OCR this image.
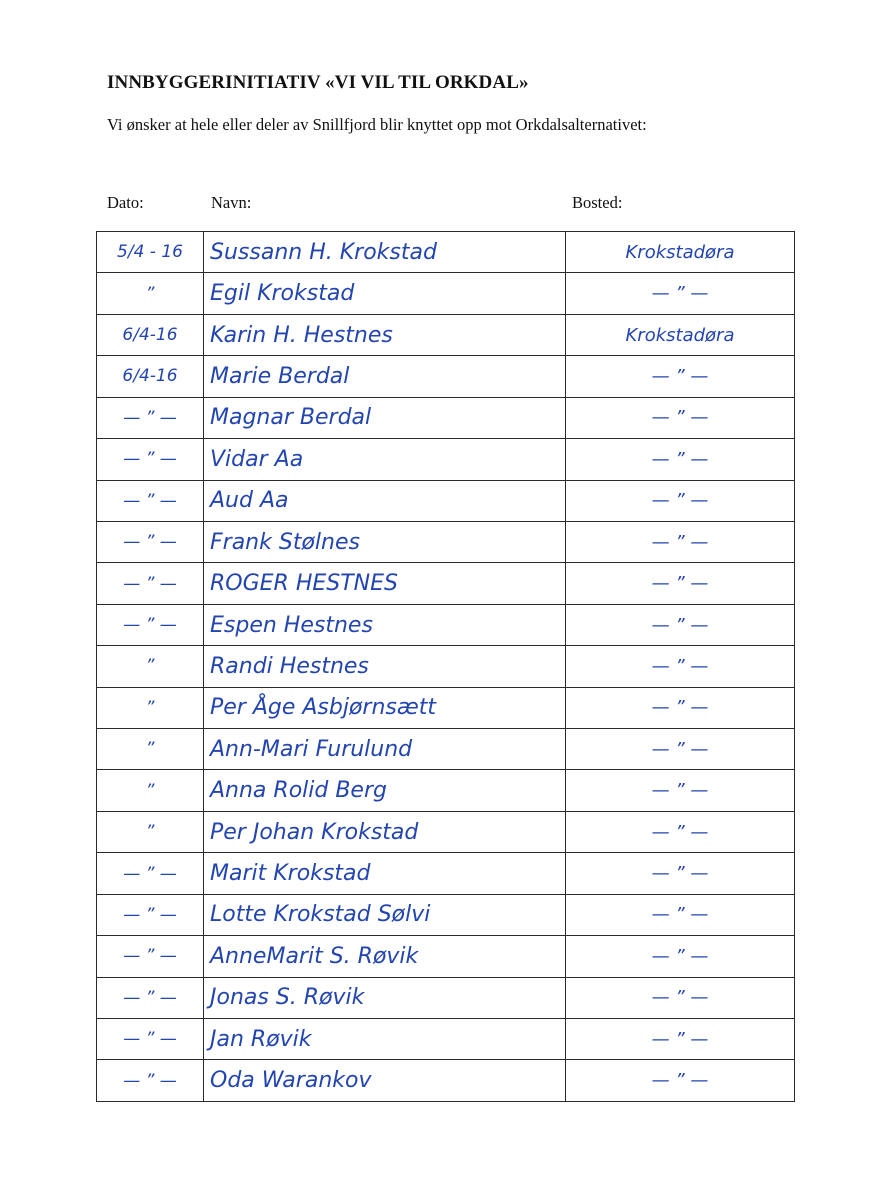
INNBYGGERINITIATIV «VI VIL TIL ORKDAL»
Vi ønsker at hele eller deler av Snillfjord blir knyttet opp mot Orkdalsalternativet:
Dato:	Navn:	Bosted:
5/4 - 16	Sussann H. Krokstad	Krokstadøra
”	Egil Krokstad	— ” —
6/4-16	Karin H. Hestnes	Krokstadøra
6/4-16	Marie Berdal	— ” —
— ” —	Magnar Berdal	— ” —
— ” —	Vidar Aa	— ” —
— ” —	Aud Aa	— ” —
— ” —	Frank Stølnes	— ” —
— ” —	ROGER HESTNES	— ” —
— ” —	Espen Hestnes	— ” —
”	Randi Hestnes	— ” —
”	Per Åge Asbjørnsætt	— ” —
”	Ann-Mari Furulund	— ” —
”	Anna Rolid Berg	— ” —
”	Per Johan Krokstad	— ” —
— ” —	Marit Krokstad	— ” —
— ” —	Lotte Krokstad Sølvi	— ” —
— ” —	AnneMarit S. Røvik	— ” —
— ” —	Jonas S. Røvik	— ” —
— ” —	Jan Røvik	— ” —
— ” —	Oda Warankov	— ” —
